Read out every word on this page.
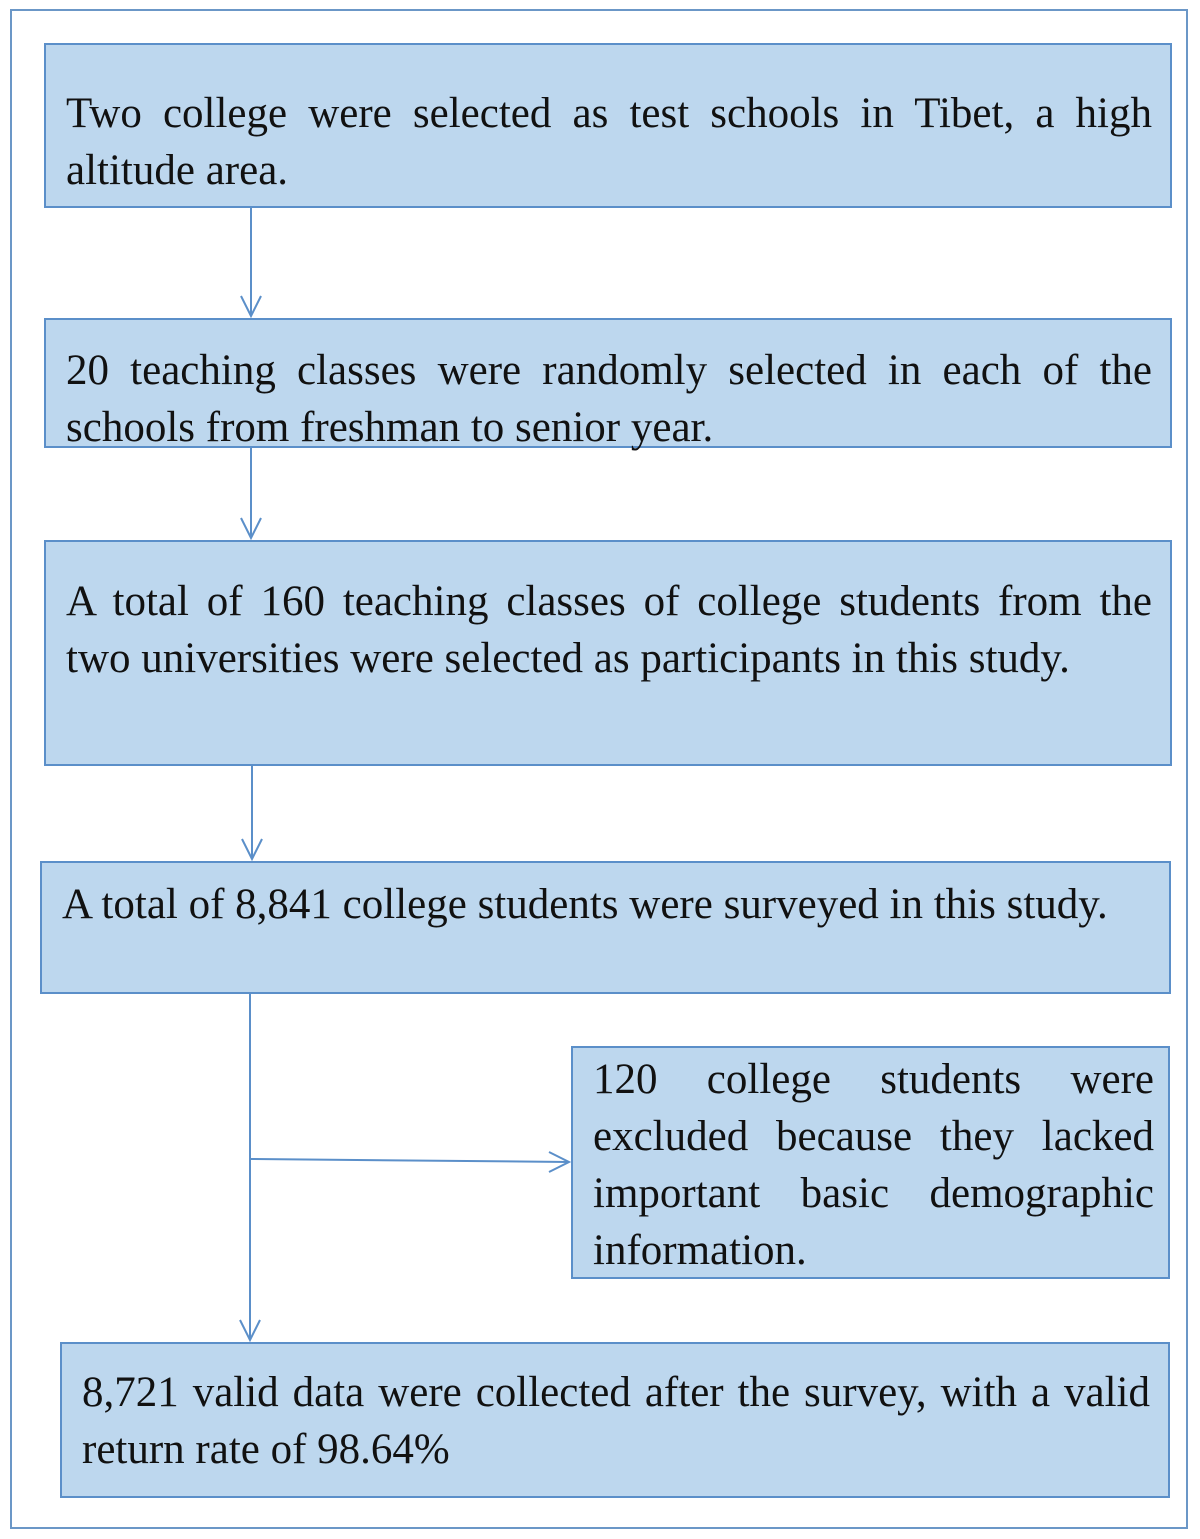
Two college were selected as test schools in Tibet, a high altitude area.
20 teaching classes were randomly selected in each of the schools from freshman to senior year.
A total of 160 teaching classes of college students from the two universities were selected as participants in this study.
A total of 8,841 college students were surveyed in this study.
120 college students were excluded because they lacked important basic demographic information.
8,721 valid data were collected after the survey, with a valid return rate of 98.64%
